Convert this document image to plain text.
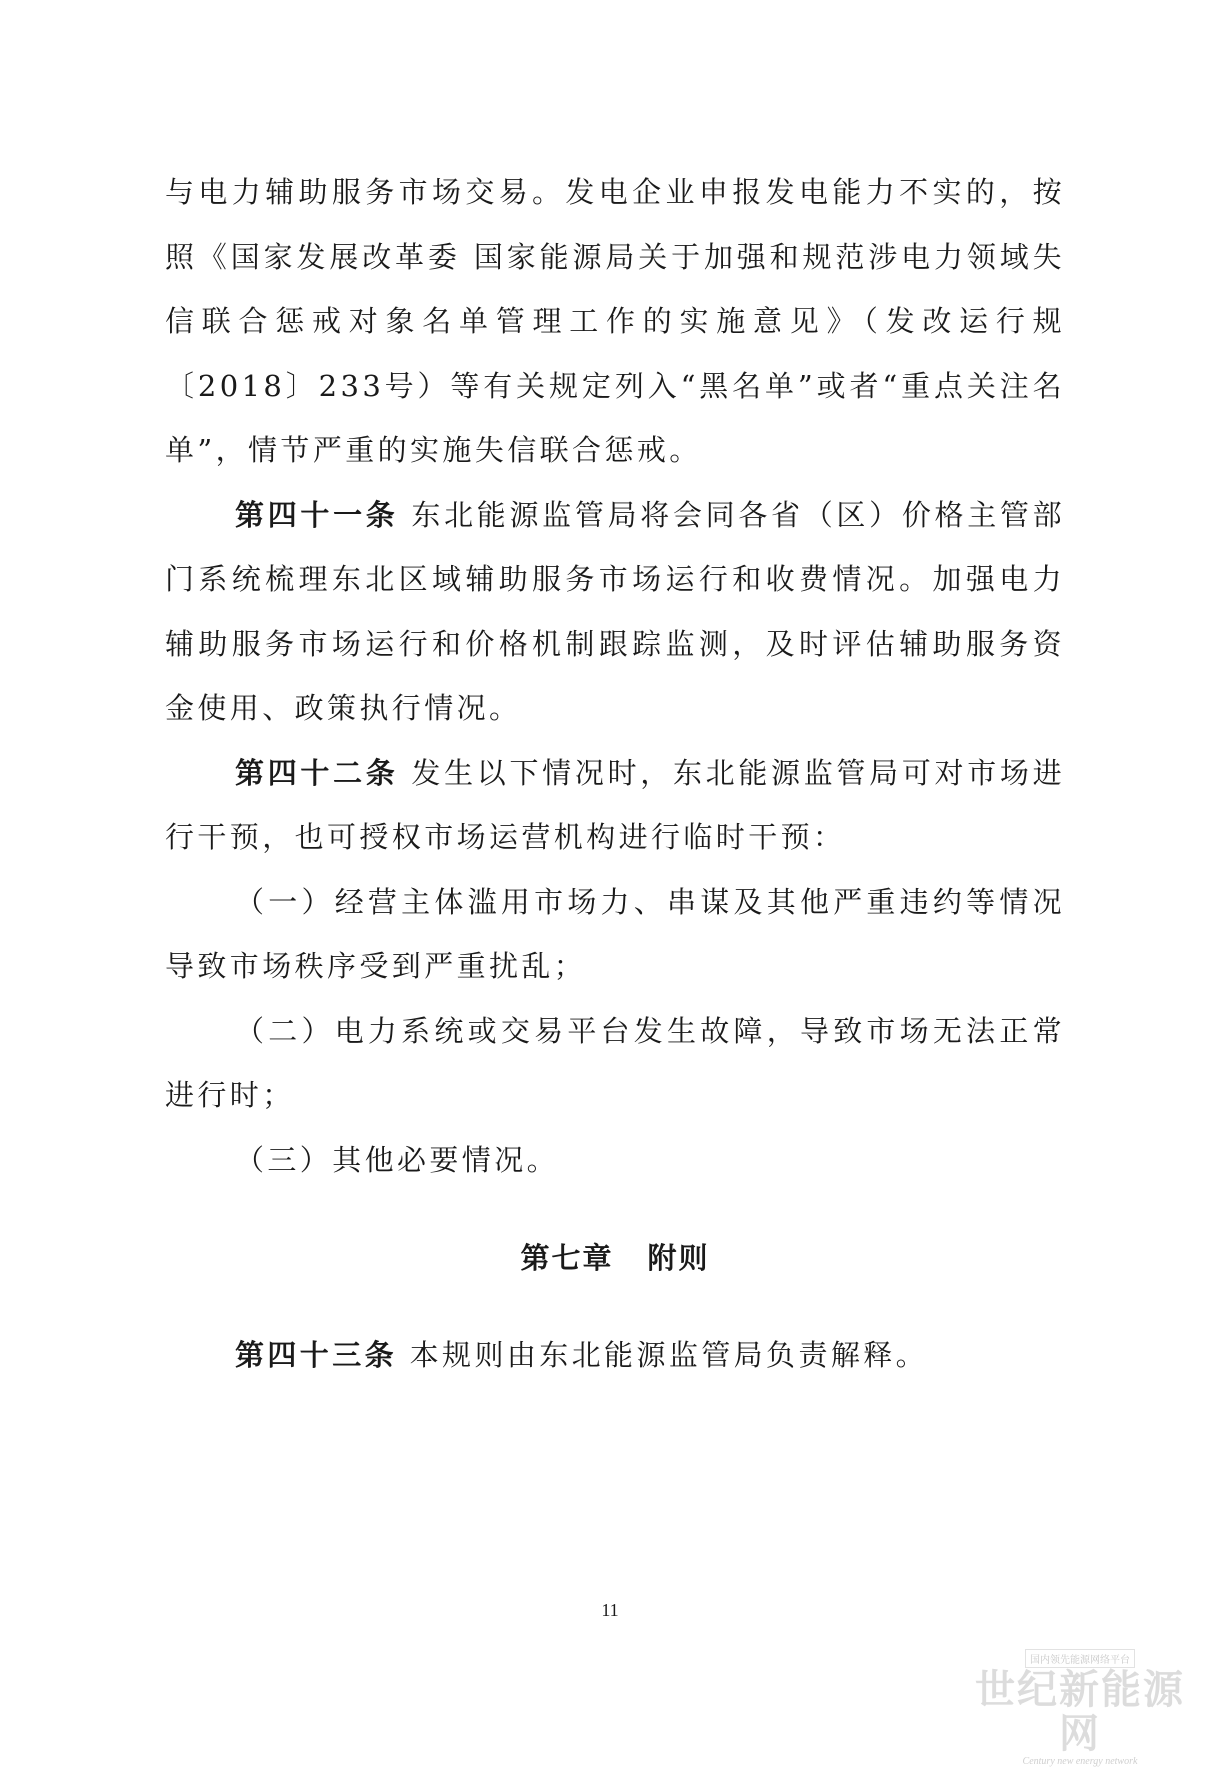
与电力辅助服务市场交易。发电企业申报发电能力不实的，按照《国家发展改革委 国家能源局关于加强和规范涉电力领域失信联合惩戒对象名单管理工作的实施意见》（发改运行规〔2018〕233号）等有关规定列入“黑名单”或者“重点关注名单”，情节严重的实施失信联合惩戒。

第四十一条 东北能源监管局将会同各省（区）价格主管部门系统梳理东北区域辅助服务市场运行和收费情况。加强电力辅助服务市场运行和价格机制跟踪监测，及时评估辅助服务资金使用、政策执行情况。

第四十二条 发生以下情况时，东北能源监管局可对市场进行干预，也可授权市场运营机构进行临时干预：

（一）经营主体滥用市场力、串谋及其他严重违约等情况导致市场秩序受到严重扰乱；

（二）电力系统或交易平台发生故障，导致市场无法正常进行时；

（三）其他必要情况。

第七章 附则

第四十三条 本规则由东北能源监管局负责解释。

11
国内领先能源网络平台
世纪新能源网
Century new energy network
